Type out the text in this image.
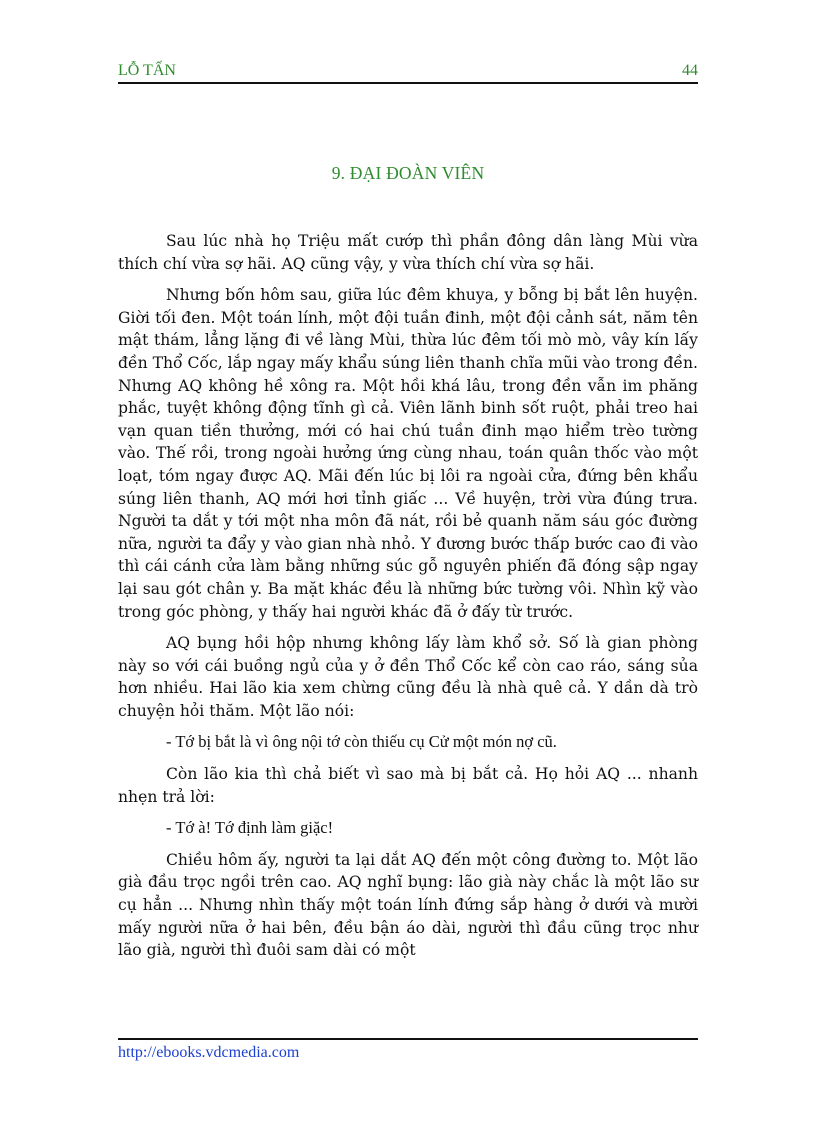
LỖ TẤN	44
9. ĐẠI ĐOÀN VIÊN

Sau lúc nhà họ Triệu mất cướp thì phần đông dân làng Mùi vừa thích chí vừa sợ hãi. AQ cũng vậy, y vừa thích chí vừa sợ hãi.

Nhưng bốn hôm sau, giữa lúc đêm khuya, y bỗng bị bắt lên huyện. Giời tối đen. Một toán lính, một đội tuần đinh, một đội cảnh sát, năm tên mật thám, lẳng lặng đi về làng Mùi, thừa lúc đêm tối mò mò, vây kín lấy đền Thổ Cốc, lắp ngay mấy khẩu súng liên thanh chĩa mũi vào trong đền. Nhưng AQ không hề xông ra. Một hồi khá lâu, trong đền vẫn im phăng phắc, tuyệt không động tĩnh gì cả. Viên lãnh binh sốt ruột, phải treo hai vạn quan tiền thưởng, mới có hai chú tuần đinh mạo hiểm trèo tường vào. Thế rồi, trong ngoài hưởng ứng cùng nhau, toán quân thốc vào một loạt, tóm ngay được AQ. Mãi đến lúc bị lôi ra ngoài cửa, đứng bên khẩu súng liên thanh, AQ mới hơi tỉnh giấc ... Về huyện, trời vừa đúng trưa. Người ta dắt y tới một nha môn đã nát, rồi bẻ quanh năm sáu góc đường nữa, người ta đẩy y vào gian nhà nhỏ. Y đương bước thấp bước cao đi vào thì cái cánh cửa làm bằng những súc gỗ nguyên phiến đã đóng sập ngay lại sau gót chân y. Ba mặt khác đều là những bức tường vôi. Nhìn kỹ vào trong góc phòng, y thấy hai người khác đã ở đấy từ trước.

AQ bụng hồi hộp nhưng không lấy làm khổ sở. Số là gian phòng này so với cái buồng ngủ của y ở đền Thổ Cốc kể còn cao ráo, sáng sủa hơn nhiều. Hai lão kia xem chừng cũng đều là nhà quê cả. Y dần dà trò chuyện hỏi thăm. Một lão nói:

- Tớ bị bắt là vì ông nội tớ còn thiếu cụ Cử một món nợ cũ.

Còn lão kia thì chả biết vì sao mà bị bắt cả. Họ hỏi AQ ... nhanh nhẹn trả lời:

- Tớ à! Tớ định làm giặc!

Chiều hôm ấy, người ta lại dắt AQ đến một công đường to. Một lão già đầu trọc ngồi trên cao. AQ nghĩ bụng: lão già này chắc là một lão sư cụ hẳn ... Nhưng nhìn thấy một toán lính đứng sắp hàng ở dưới và mười mấy người nữa ở hai bên, đều bận áo dài, người thì đầu cũng trọc như lão già, người thì đuôi sam dài có một

http://ebooks.vdcmedia.com
